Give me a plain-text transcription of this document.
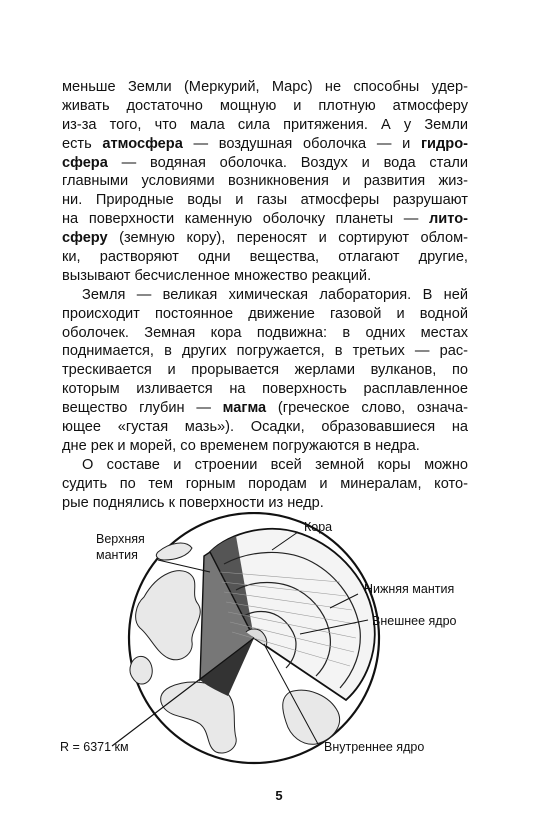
меньше Земли (Меркурий, Марс) не способны удер-
живать достаточно мощную и плотную атмосферу
из-за того, что мала сила притяжения. А у Земли
есть атмосфера — воздушная оболочка — и гидро-
сфера — водяная оболочка. Воздух и вода стали
главными условиями возникновения и развития жиз-
ни. Природные воды и газы атмосферы разрушают
на поверхности каменную оболочку планеты — лито-
сферу (земную кору), переносят и сортируют облом-
ки, растворяют одни вещества, отлагают другие,
вызывают бесчисленное множество реакций.
Земля — великая химическая лаборатория. В ней
происходит постоянное движение газовой и водной
оболочек. Земная кора подвижна: в одних местах
поднимается, в других погружается, в третьих — рас-
трескивается и прорывается жерлами вулканов, по
которым изливается на поверхность расплавленное
вещество глубин — магма (греческое слово, означа-
ющее «густая мазь»). Осадки, образовавшиеся на
дне рек и морей, со временем погружаются в недра.
О составе и строении всей земной коры можно
судить по тем горным породам и минералам, кото-
рые поднялись к поверхности из недр.
Верхняя
мантия
Кора
Нижняя мантия
Внешнее ядро
Внутреннее ядро
R = 6371 км
5
